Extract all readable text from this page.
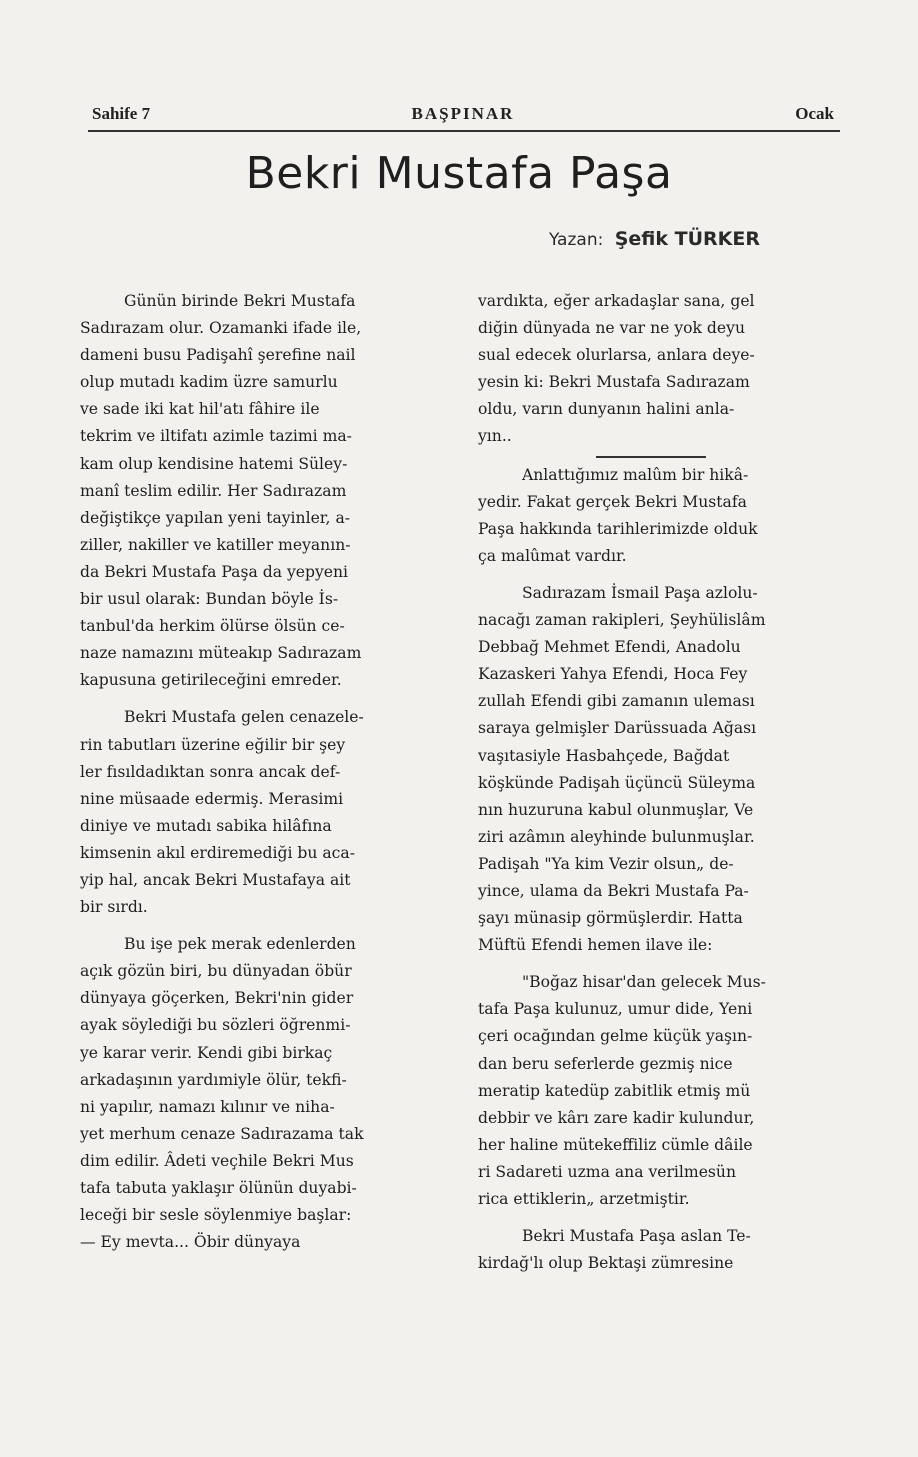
Sahife 7	BAŞPINAR	Ocak
Bekri Mustafa Paşa
Yazan: Şefik TÜRKER

Günün birinde Bekri Mustafa
Sadırazam olur. Ozamanki ifade ile,
dameni busu Padişahî şerefine nail
olup mutadı kadim üzre samurlu
ve sade iki kat hil'atı fâhire ile
tekrim ve iltifatı azimle tazimi ma-
kam olup kendisine hatemi Süley-
manî teslim edilir. Her Sadırazam
değiştikçe yapılan yeni tayinler, a-
ziller, nakiller ve katiller meyanın-
da Bekri Mustafa Paşa da yepyeni
bir usul olarak: Bundan böyle İs-
tanbul'da herkim ölürse ölsün ce-
naze namazını müteakıp Sadırazam
kapusuna getirileceğini emreder.

Bekri Mustafa gelen cenazele-
rin tabutları üzerine eğilir bir şey
ler fısıldadıktan sonra ancak def-
nine müsaade edermiş. Merasimi
diniye ve mutadı sabika hilâfına
kimsenin akıl erdiremediği bu aca-
yip hal, ancak Bekri Mustafaya ait
bir sırdı.

Bu işe pek merak edenlerden
açık gözün biri, bu dünyadan öbür
dünyaya göçerken, Bekri'nin gider
ayak söylediği bu sözleri öğrenmi-
ye karar verir. Kendi gibi birkaç
arkadaşının yardımiyle ölür, tekfi-
ni yapılır, namazı kılınır ve niha-
yet merhum cenaze Sadırazama tak
dim edilir. Âdeti veçhile Bekri Mus
tafa tabuta yaklaşır ölünün duyabi-
leceği bir sesle söylenmiye başlar:
— Ey mevta... Öbir dünyaya

vardıkta, eğer arkadaşlar sana, gel
diğin dünyada ne var ne yok deyu
sual edecek olurlarsa, anlara deye-
yesin ki: Bekri Mustafa Sadırazam
oldu, varın dunyanın halini anla-
yın..

Anlattığımız malûm bir hikâ-
yedir. Fakat gerçek Bekri Mustafa
Paşa hakkında tarihlerimizde olduk
ça malûmat vardır.

Sadırazam İsmail Paşa azlolu-
nacağı zaman rakipleri, Şeyhülislâm
Debbağ Mehmet Efendi, Anadolu
Kazaskeri Yahya Efendi, Hoca Fey
zullah Efendi gibi zamanın uleması
saraya gelmişler Darüssuada Ağası
vaşıtasiyle Hasbahçede, Bağdat
köşkünde Padişah üçüncü Süleyma
nın huzuruna kabul olunmuşlar, Ve
ziri azâmın aleyhinde bulunmuşlar.
Padişah "Ya kim Vezir olsun„ de-
yince, ulama da Bekri Mustafa Pa-
şayı münasip görmüşlerdir. Hatta
Müftü Efendi hemen ilave ile:

"Boğaz hisar'dan gelecek Mus-
tafa Paşa kulunuz, umur dide, Yeni
çeri ocağından gelme küçük yaşın-
dan beru seferlerde gezmiş nice
meratip katedüp zabitlik etmiş mü
debbir ve kârı zare kadir kulundur,
her haline mütekeffiliz cümle dâile
ri Sadareti uzma ana verilmesün
rica ettiklerin„ arzetmiştir.

Bekri Mustafa Paşa aslan Te-
kirdağ'lı olup Bektaşi zümresine
